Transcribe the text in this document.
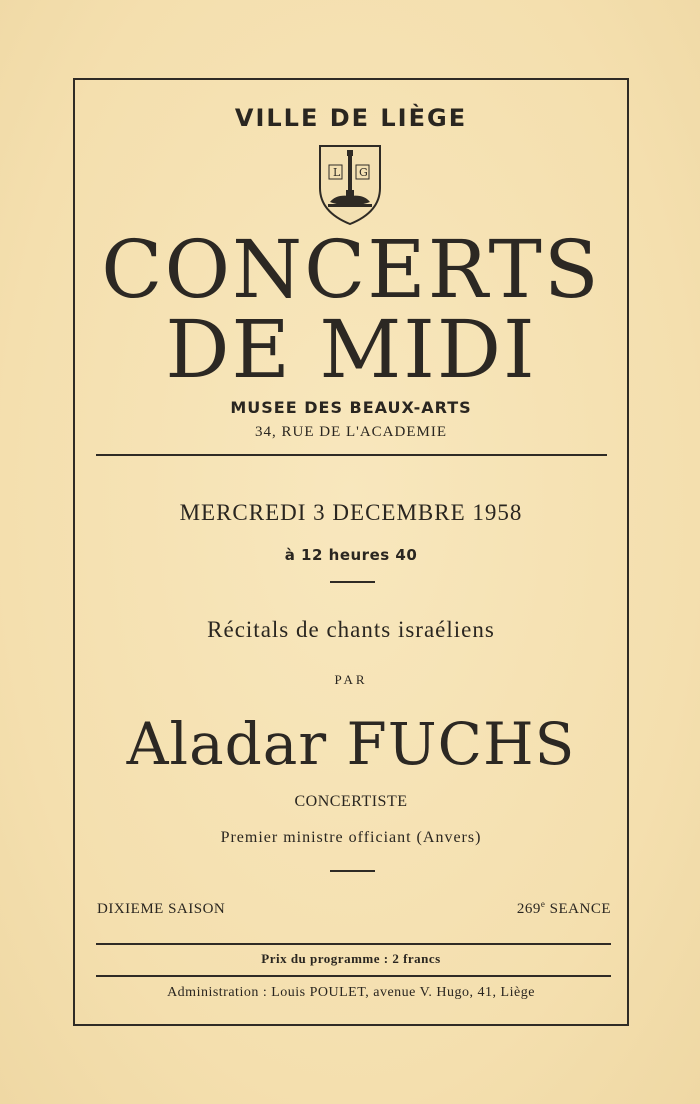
VILLE DE LIÈGE
L G
CONCERTS
DE MIDI
MUSEE DES BEAUX-ARTS
34, RUE DE L'ACADEMIE
MERCREDI 3 DECEMBRE 1958
à 12 heures 40
Récitals de chants israéliens
PAR
Aladar FUCHS
CONCERTISTE
Premier ministre officiant (Anvers)
DIXIEME SAISON	269e SEANCE
Prix du programme : 2 francs
Administration : Louis POULET, avenue V. Hugo, 41, Liège
